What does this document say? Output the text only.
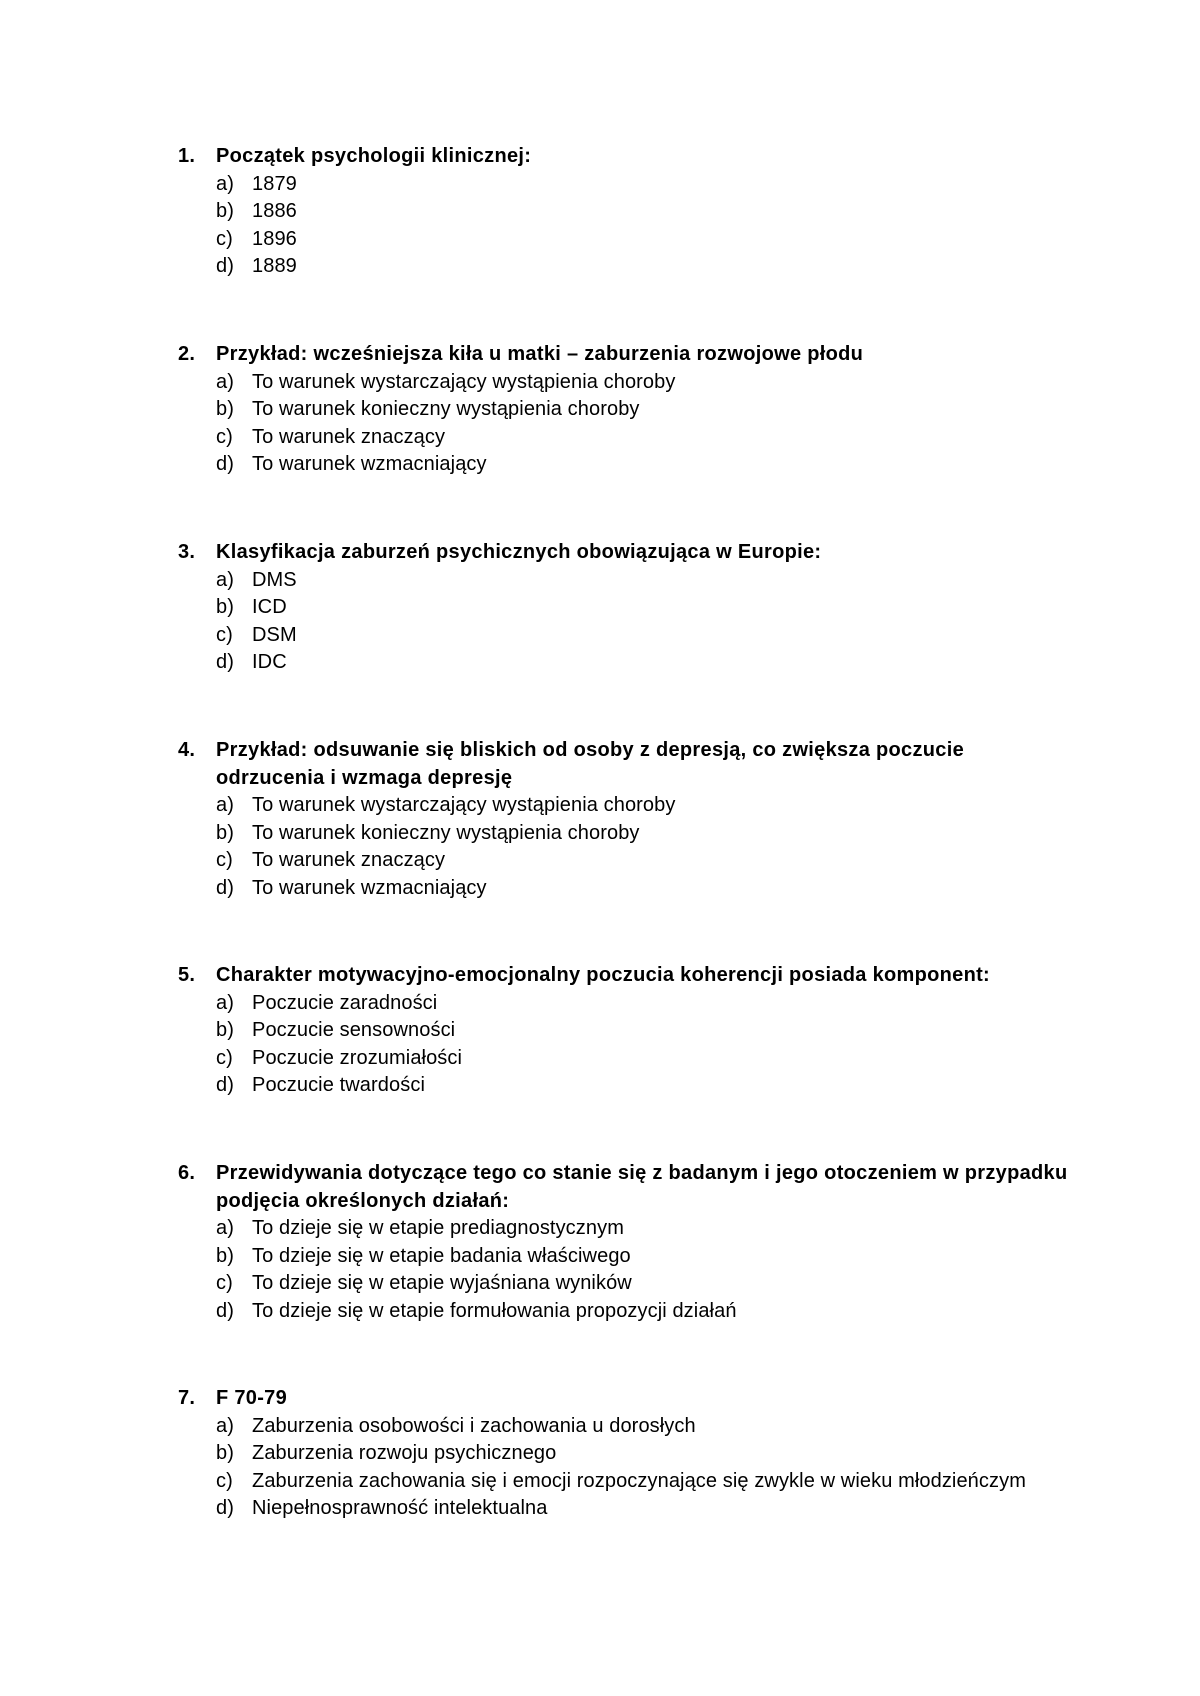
1. Początek psychologii klinicznej:
a) 1879
b) 1886
c) 1896
d) 1889
2. Przykład: wcześniejsza kiła u matki – zaburzenia rozwojowe płodu
a) To warunek wystarczający wystąpienia choroby
b) To warunek konieczny wystąpienia choroby
c) To warunek znaczący
d) To warunek wzmacniający
3. Klasyfikacja zaburzeń psychicznych obowiązująca w Europie:
a) DMS
b) ICD
c) DSM
d) IDC
4. Przykład: odsuwanie się bliskich od osoby z depresją, co zwiększa poczucie odrzucenia i wzmaga depresję
a) To warunek wystarczający wystąpienia choroby
b) To warunek konieczny wystąpienia choroby
c) To warunek znaczący
d) To warunek wzmacniający
5. Charakter motywacyjno-emocjonalny poczucia koherencji posiada komponent:
a) Poczucie zaradności
b) Poczucie sensowności
c) Poczucie zrozumiałości
d) Poczucie twardości
6. Przewidywania dotyczące tego co stanie się z badanym i jego otoczeniem w przypadku podjęcia określonych działań:
a) To dzieje się w etapie prediagnostycznym
b) To dzieje się w etapie badania właściwego
c) To dzieje się w etapie wyjaśniana wyników
d) To dzieje się w etapie formułowania propozycji działań
7. F 70-79
a) Zaburzenia osobowości i zachowania u dorosłych
b) Zaburzenia rozwoju psychicznego
c) Zaburzenia zachowania się i emocji rozpoczynające się zwykle w wieku młodzieńczym
d) Niepełnosprawność intelektualna
